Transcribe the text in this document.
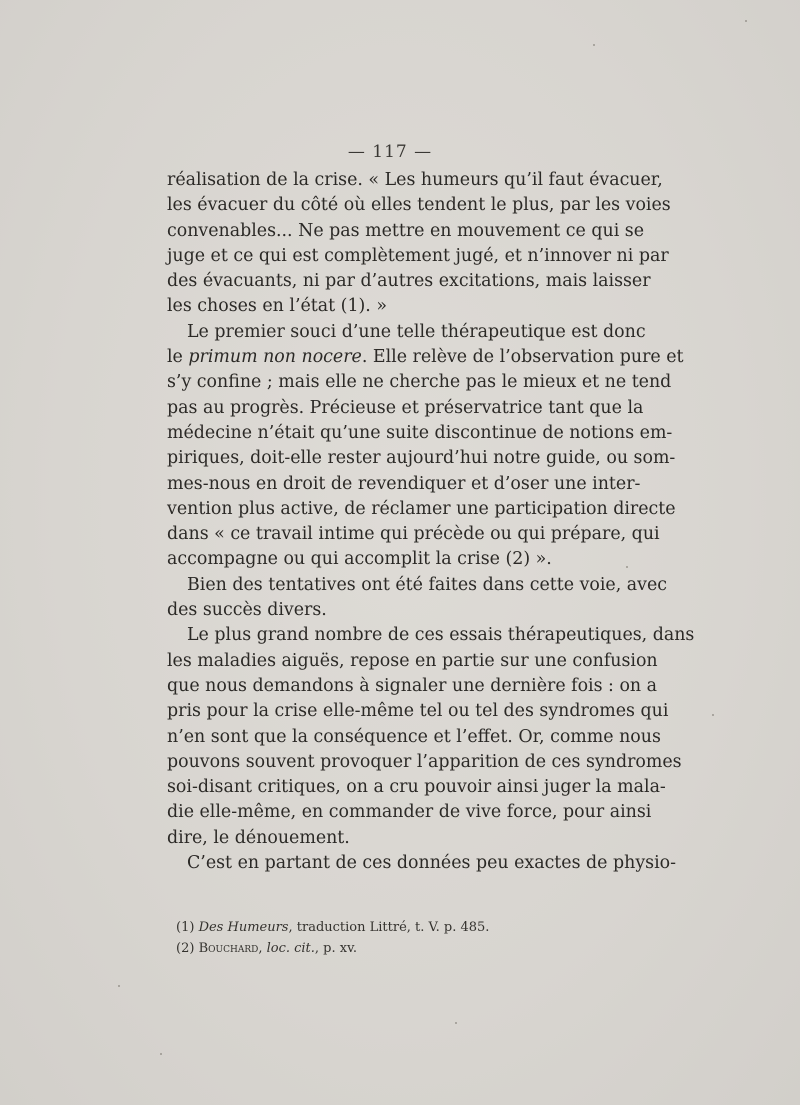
— 117 —
réalisation de la crise. « Les humeurs qu’il faut évacuer,
les évacuer du côté où elles tendent le plus, par les voies
convenables... Ne pas mettre en mouvement ce qui se
juge et ce qui est complètement jugé, et n’innover ni par
des évacuants, ni par d’autres excitations, mais laisser
les choses en l’état (1). »
Le premier souci d’une telle thérapeutique est donc
le primum non nocere. Elle relève de l’observation pure et
s’y confine ; mais elle ne cherche pas le mieux et ne tend
pas au progrès. Précieuse et préservatrice tant que la
médecine n’était qu’une suite discontinue de notions em-
piriques, doit-elle rester aujourd’hui notre guide, ou som-
mes-nous en droit de revendiquer et d’oser une inter-
vention plus active, de réclamer une participation directe
dans « ce travail intime qui précède ou qui prépare, qui
accompagne ou qui accomplit la crise (2) ».
Bien des tentatives ont été faites dans cette voie, avec
des succès divers.
Le plus grand nombre de ces essais thérapeutiques, dans
les maladies aiguës, repose en partie sur une confusion
que nous demandons à signaler une dernière fois : on a
pris pour la crise elle-même tel ou tel des syndromes qui
n’en sont que la conséquence et l’effet. Or, comme nous
pouvons souvent provoquer l’apparition de ces syndromes
soi-disant critiques, on a cru pouvoir ainsi juger la mala-
die elle-même, en commander de vive force, pour ainsi
dire, le dénouement.
C’est en partant de ces données peu exactes de physio-
(1) Des Humeurs, traduction Littré, t. V. p. 485.
(2) Bouchard, loc. cit., p. xv.
